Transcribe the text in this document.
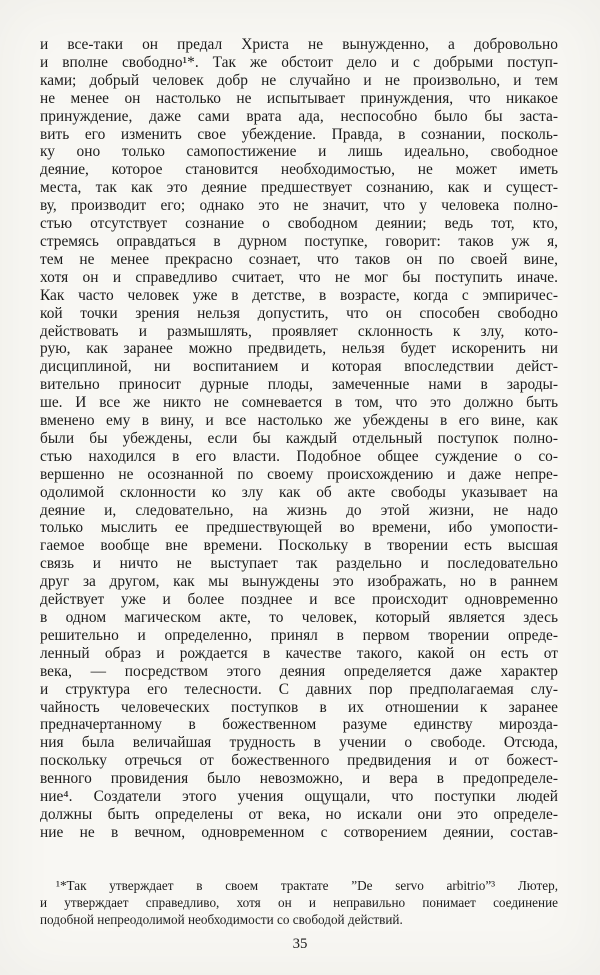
и все-таки он предал Христа не вынужденно, а добровольно
и вполне свободно¹*. Так же обстоит дело и с добрыми поступ-
ками; добрый человек добр не случайно и не произвольно, и тем
не менее он настолько не испытывает принуждения, что никакое
принуждение, даже сами врата ада, неспособно было бы заста-
вить его изменить свое убеждение. Правда, в сознании, посколь-
ку оно только самопостижение и лишь идеально, свободное
деяние, которое становится необходимостью, не может иметь
места, так как это деяние предшествует сознанию, как и сущест-
ву, производит его; однако это не значит, что у человека полно-
стью отсутствует сознание о свободном деянии; ведь тот, кто,
стремясь оправдаться в дурном поступке, говорит: таков уж я,
тем не менее прекрасно сознает, что таков он по своей вине,
хотя он и справедливо считает, что не мог бы поступить иначе.
Как часто человек уже в детстве, в возрасте, когда с эмпиричес-
кой точки зрения нельзя допустить, что он способен свободно
действовать и размышлять, проявляет склонность к злу, кото-
рую, как заранее можно предвидеть, нельзя будет искоренить ни
дисциплиной, ни воспитанием и которая впоследствии дейст-
вительно приносит дурные плоды, замеченные нами в зароды-
ше. И все же никто не сомневается в том, что это должно быть
вменено ему в вину, и все настолько же убеждены в его вине, как
были бы убеждены, если бы каждый отдельный поступок полно-
стью находился в его власти. Подобное общее суждение о со-
вершенно не осознанной по своему происхождению и даже непре-
одолимой склонности ко злу как об акте свободы указывает на
деяние и, следовательно, на жизнь до этой жизни, не надо
только мыслить ее предшествующей во времени, ибо умопости-
гаемое вообще вне времени. Поскольку в творении есть высшая
связь и ничто не выступает так раздельно и последовательно
друг за другом, как мы вынуждены это изображать, но в раннем
действует уже и более позднее и все происходит одновременно
в одном магическом акте, то человек, который является здесь
решительно и определенно, принял в первом творении опреде-
ленный образ и рождается в качестве такого, какой он есть от
века, — посредством этого деяния определяется даже характер
и структура его телесности. С давних пор предполагаемая слу-
чайность человеческих поступков в их отношении к заранее
предначертанному в божественном разуме единству мирозда-
ния была величайшая трудность в учении о свободе. Отсюда,
поскольку отречься от божественного предвидения и от божест-
венного провидения было невозможно, и вера в предопределе-
ние⁴. Создатели этого учения ощущали, что поступки людей
должны быть определены от века, но искали они это определе-
ние не в вечном, одновременном с сотворением деянии, состав-
¹*Так утверждает в своем трактате ”De servo arbitrio”³ Лютер,
и утверждает справедливо, хотя он и неправильно понимает соединение
подобной непреодолимой необходимости со свободой действий.
35
